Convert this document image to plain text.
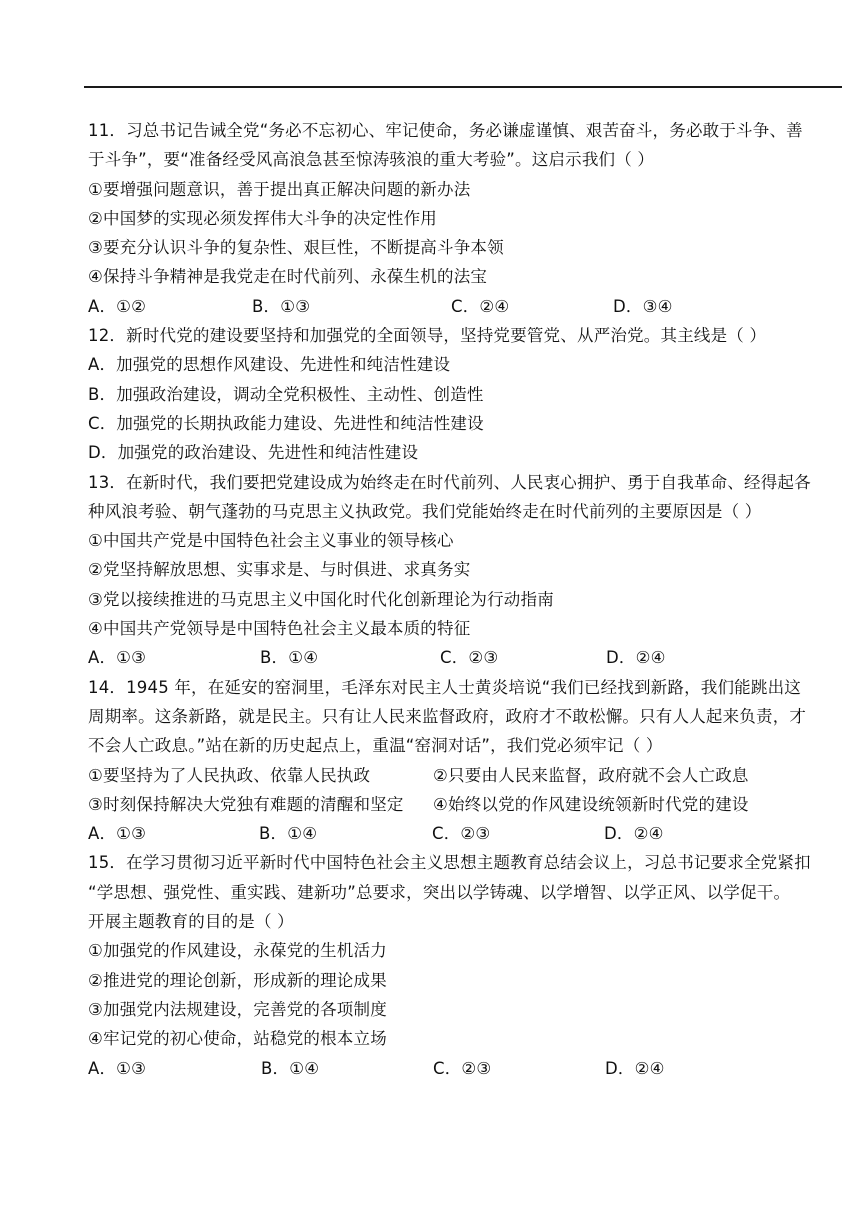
11．习总书记告诫全党“务必不忘初心、牢记使命，务必谦虚谨慎、艰苦奋斗，务必敢于斗争、善
于斗争”，要“准备经受风高浪急甚至惊涛骇浪的重大考验”。这启示我们（ ）
①要增强问题意识，善于提出真正解决问题的新办法
②中国梦的实现必须发挥伟大斗争的决定性作用
③要充分认识斗争的复杂性、艰巨性，不断提高斗争本领
④保持斗争精神是我党走在时代前列、永葆生机的法宝
A．①②	B．①③	C．②④	D．③④
12．新时代党的建设要坚持和加强党的全面领导，坚持党要管党、从严治党。其主线是（ ）
A．加强党的思想作风建设、先进性和纯洁性建设
B．加强政治建设，调动全党积极性、主动性、创造性
C．加强党的长期执政能力建设、先进性和纯洁性建设
D．加强党的政治建设、先进性和纯洁性建设
13．在新时代，我们要把党建设成为始终走在时代前列、人民衷心拥护、勇于自我革命、经得起各
种风浪考验、朝气蓬勃的马克思主义执政党。我们党能始终走在时代前列的主要原因是（ ）
①中国共产党是中国特色社会主义事业的领导核心
②党坚持解放思想、实事求是、与时俱进、求真务实
③党以接续推进的马克思主义中国化时代化创新理论为行动指南
④中国共产党领导是中国特色社会主义最本质的特征
A．①③	B．①④	C．②③	D．②④
14．1945 年，在延安的窑洞里，毛泽东对民主人士黄炎培说“我们已经找到新路，我们能跳出这
周期率。这条新路，就是民主。只有让人民来监督政府，政府才不敢松懈。只有人人起来负责，才
不会人亡政息。”站在新的历史起点上，重温“窑洞对话”，我们党必须牢记（ ）
①要坚持为了人民执政、依靠人民执政	②只要由人民来监督，政府就不会人亡政息
③时刻保持解决大党独有难题的清醒和坚定	④始终以党的作风建设统领新时代党的建设
A．①③	B．①④	C．②③	D．②④
15．在学习贯彻习近平新时代中国特色社会主义思想主题教育总结会议上，习总书记要求全党紧扣
“学思想、强党性、重实践、建新功”总要求，突出以学铸魂、以学增智、以学正风、以学促干。
开展主题教育的目的是（ ）
①加强党的作风建设，永葆党的生机活力
②推进党的理论创新，形成新的理论成果
③加强党内法规建设，完善党的各项制度
④牢记党的初心使命，站稳党的根本立场
A．①③	B．①④	C．②③	D．②④
